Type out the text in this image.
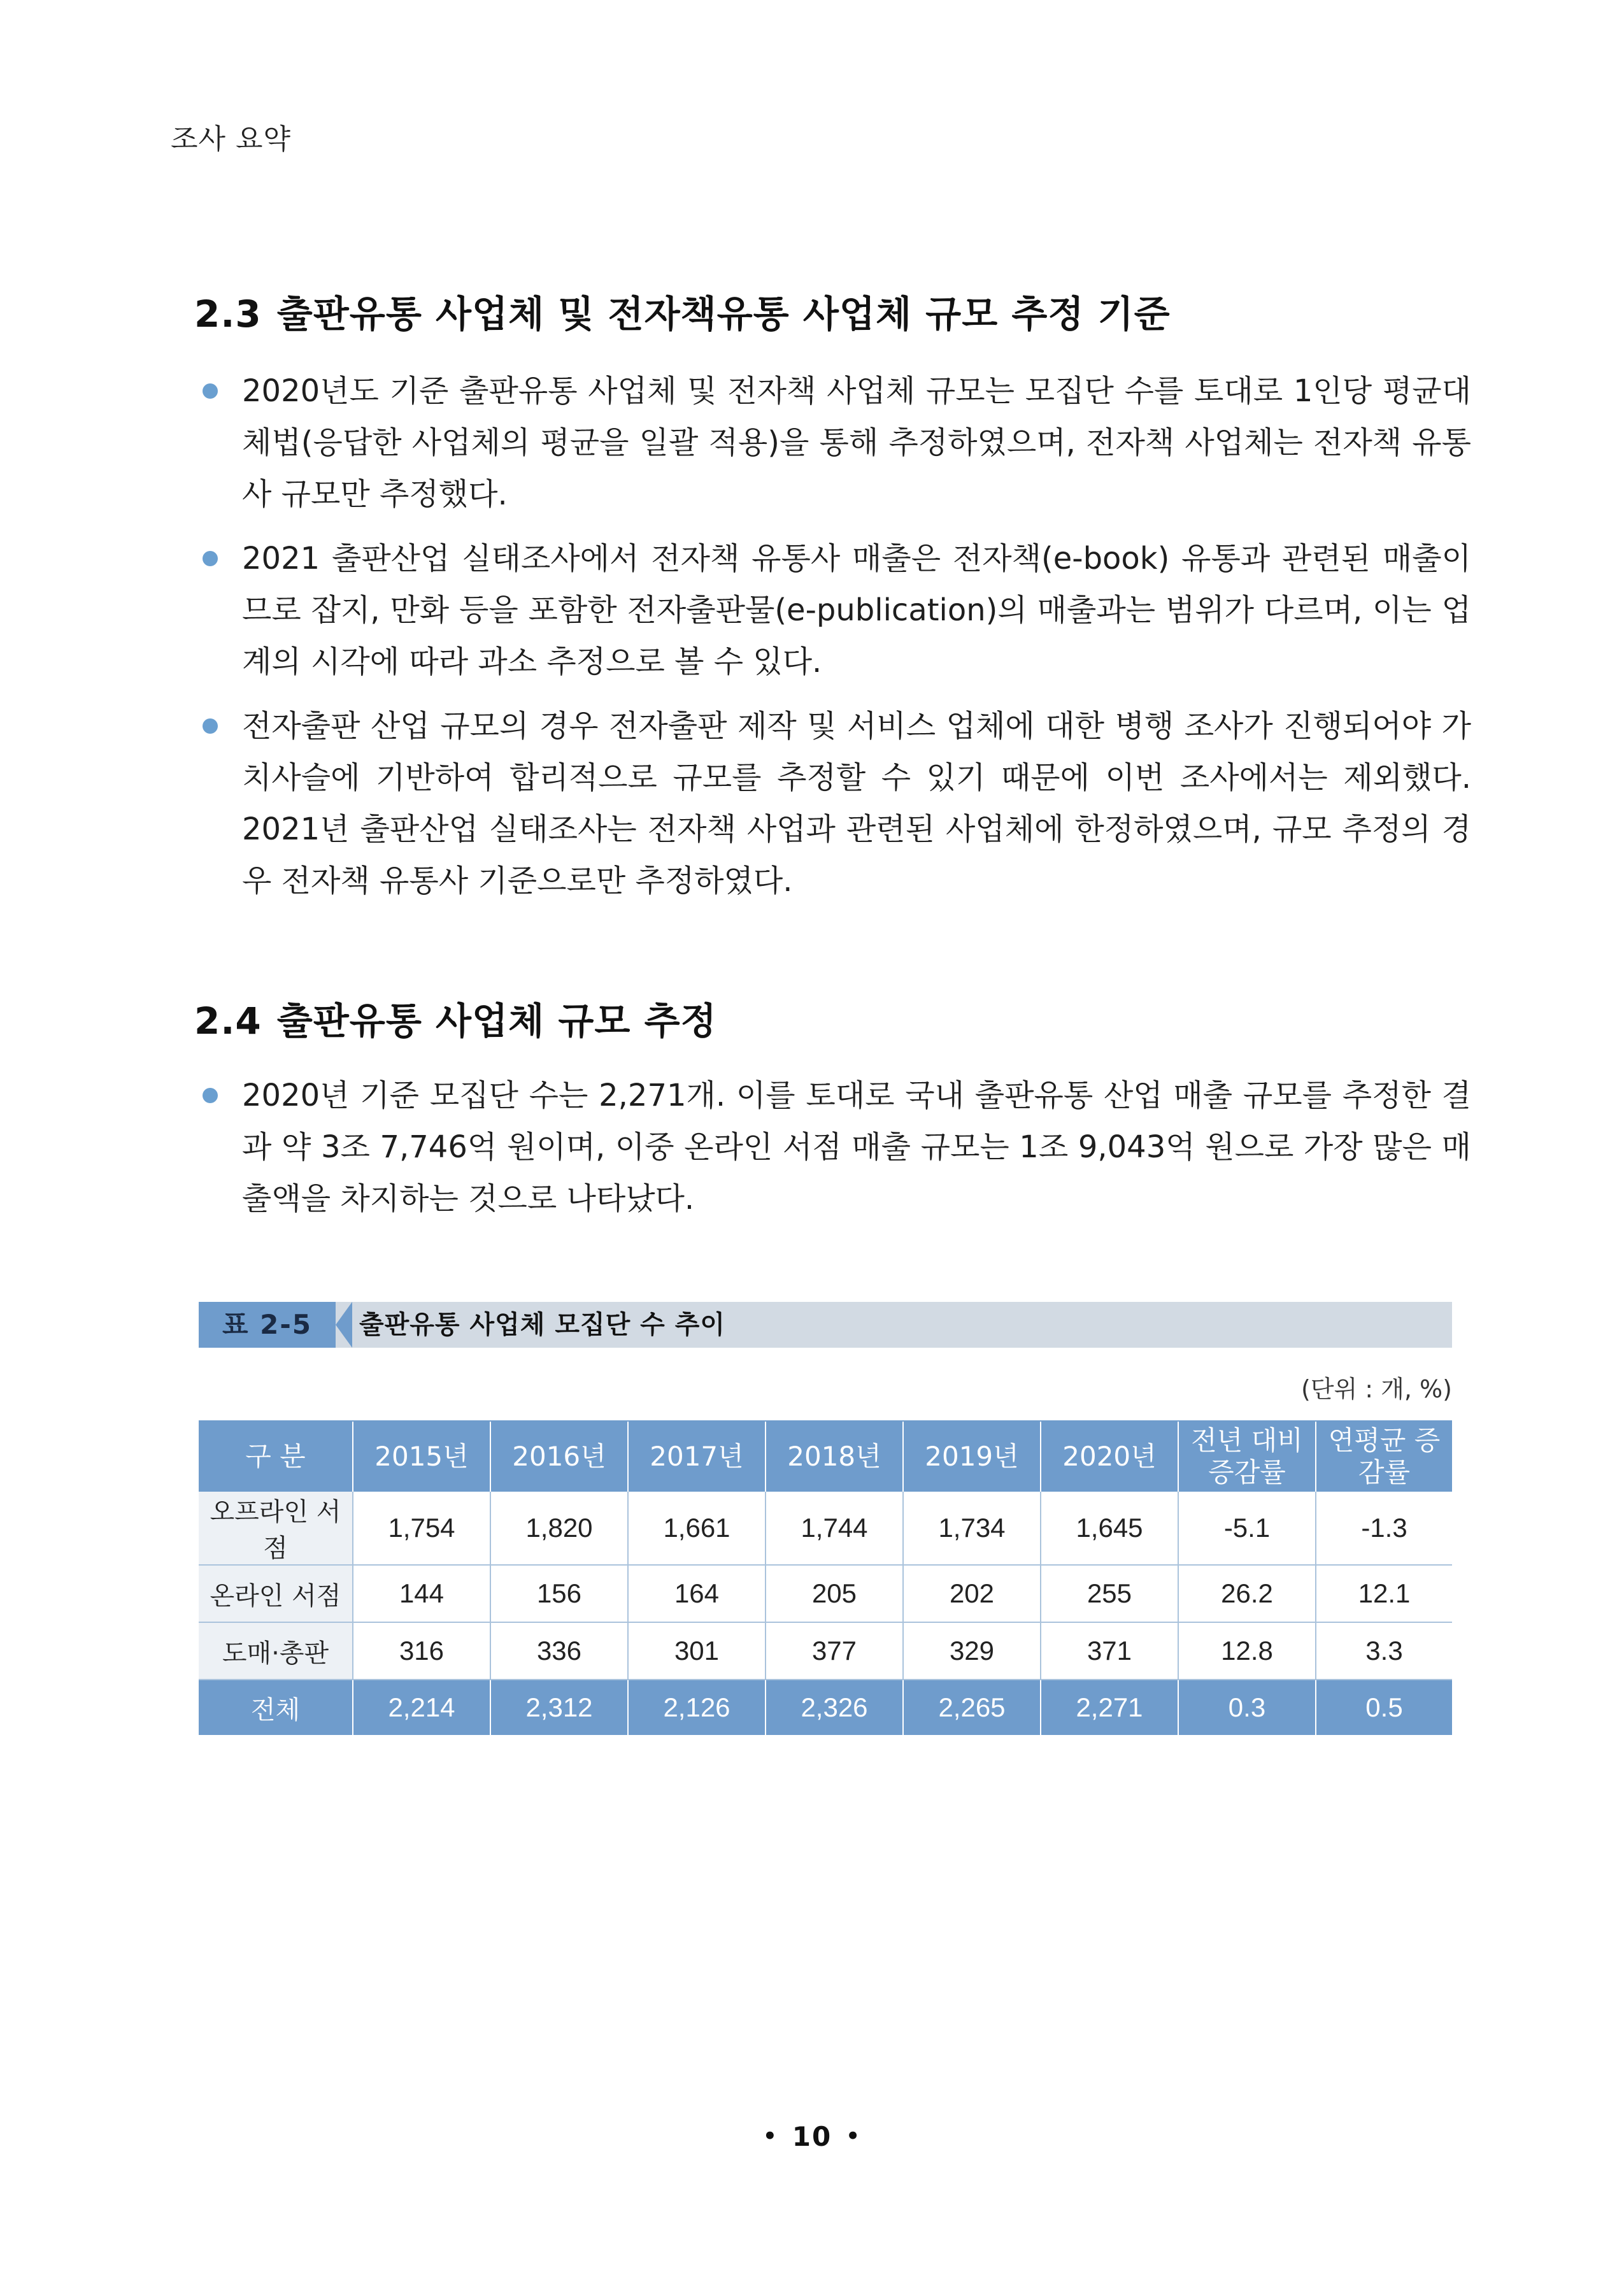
조사 요약
2.3 출판유통 사업체 및 전자책유통 사업체 규모 추정 기준
2020년도 기준 출판유통 사업체 및 전자책 사업체 규모는 모집단 수를 토대로 1인당 평균대체법(응답한 사업체의 평균을 일괄 적용)을 통해 추정하였으며, 전자책 사업체는 전자책 유통사 규모만 추정했다.
2021 출판산업 실태조사에서 전자책 유통사 매출은 전자책(e-book) 유통과 관련된 매출이므로 잡지, 만화 등을 포함한 전자출판물(e-publication)의 매출과는 범위가 다르며, 이는 업계의 시각에 따라 과소 추정으로 볼 수 있다.
전자출판 산업 규모의 경우 전자출판 제작 및 서비스 업체에 대한 병행 조사가 진행되어야 가치사슬에 기반하여 합리적으로 규모를 추정할 수 있기 때문에 이번 조사에서는 제외했다. 2021년 출판산업 실태조사는 전자책 사업과 관련된 사업체에 한정하였으며, 규모 추정의 경우 전자책 유통사 기준으로만 추정하였다.
2.4 출판유통 사업체 규모 추정
2020년 기준 모집단 수는 2,271개. 이를 토대로 국내 출판유통 산업 매출 규모를 추정한 결과 약 3조 7,746억 원이며, 이중 온라인 서점 매출 규모는 1조 9,043억 원으로 가장 많은 매출액을 차지하는 것으로 나타났다.
표 2-5	출판유통 사업체 모집단 수 추이
(단위 : 개, %)
구 분	2015년	2016년	2017년	2018년	2019년	2020년	전년 대비 증감률	연평균 증감률
오프라인 서점	1,754	1,820	1,661	1,744	1,734	1,645	-5.1	-1.3
온라인 서점	144	156	164	205	202	255	26.2	12.1
도매·총판	316	336	301	377	329	371	12.8	3.3
전체	2,214	2,312	2,126	2,326	2,265	2,271	0.3	0.5
• 10 •
